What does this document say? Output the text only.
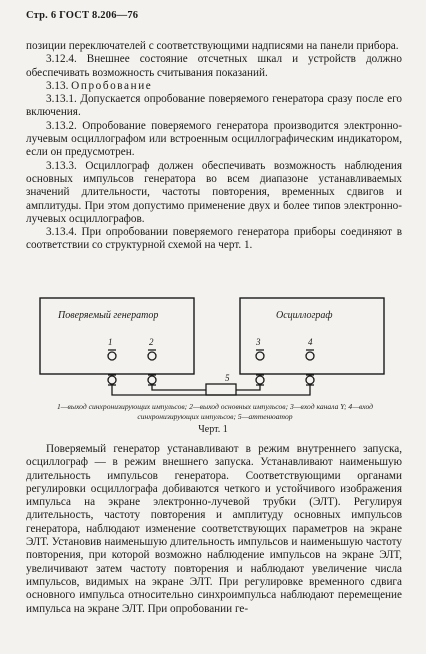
Стр. 6 ГОСТ 8.206—76

позиции переключателей с соответствующими надписями на панели прибора.

3.12.4. Внешнее состояние отсчетных шкал и устройств должно обеспечивать возможность считывания показаний.

3.13. Опробование

3.13.1. Допускается опробование поверяемого генератора сразу после его включения.

3.13.2. Опробование поверяемого генератора производится электронно-лучевым осциллографом или встроенным осциллографическим индикатором, если он предусмотрен.

3.13.3. Осциллограф должен обеспечивать возможность наблюдения основных импульсов генератора во всем диапазоне устанавливаемых значений длительности, частоты повторения, временных сдвигов и амплитуды. При этом допустимо применение двух и более типов электронно-лучевых осциллографов.

3.13.4. При опробовании поверяемого генератора приборы соединяют в соответствии со структурной схемой на черт. 1.

Поверяемый генератор	Осциллограф
1	2	3	4
5
1—выход синхронизирующих импульсов; 2—выход основных импульсов; 3—вход канала Y; 4—вход синхронизирующих импульсов; 5—аттенюатор
Черт. 1

Поверяемый генератор устанавливают в режим внутреннего запуска, осциллограф — в режим внешнего запуска. Устанавливают наименьшую длительность импульсов генератора. Соответствующими органами регулировки осциллографа добиваются четкого и устойчивого изображения импульса на экране электронно-лучевой трубки (ЭЛТ). Регулируя длительность, частоту повторения и амплитуду основных импульсов генератора, наблюдают изменение соответствующих параметров на экране ЭЛТ. Установив наименьшую длительность импульсов и наименьшую частоту повторения, при которой возможно наблюдение импульсов на экране ЭЛТ, увеличивают затем частоту повторения и наблюдают увеличение числа импульсов, видимых на экране ЭЛТ. При регулировке временного сдвига основного импульса относительно синхроимпульса наблюдают перемещение импульса на экране ЭЛТ. При опробовании ге-
